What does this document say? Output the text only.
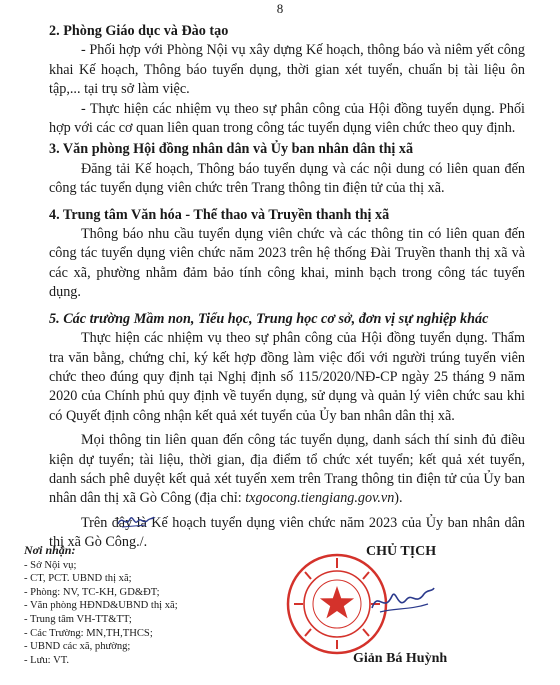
8
2. Phòng Giáo dục và Đào tạo

- Phối hợp với Phòng Nội vụ xây dựng Kế hoạch, thông báo và niêm yết công khai Kế hoạch, Thông báo tuyển dụng, thời gian xét tuyển, chuẩn bị tài liệu ôn tập,... tại trụ sở làm việc.

- Thực hiện các nhiệm vụ theo sự phân công của Hội đồng tuyển dụng. Phối hợp với các cơ quan liên quan trong công tác tuyển dụng viên chức theo quy định.

3. Văn phòng Hội đồng nhân dân và Ủy ban nhân dân thị xã

Đăng tải Kế hoạch, Thông báo tuyển dụng và các nội dung có liên quan đến công tác tuyển dụng viên chức trên Trang thông tin điện tử của thị xã.

4. Trung tâm Văn hóa - Thể thao và Truyền thanh thị xã

Thông báo nhu cầu tuyển dụng viên chức và các thông tin có liên quan đến công tác tuyển dụng viên chức năm 2023 trên hệ thống Đài Truyền thanh thị xã và các xã, phường nhằm đảm bảo tính công khai, minh bạch trong công tác tuyển dụng.

5. Các trường Mầm non, Tiểu học, Trung học cơ sở, đơn vị sự nghiệp khác

Thực hiện các nhiệm vụ theo sự phân công của Hội đồng tuyển dụng. Thẩm tra văn bằng, chứng chỉ, ký kết hợp đồng làm việc đối với người trúng tuyển viên chức theo đúng quy định tại Nghị định số 115/2020/NĐ-CP ngày 25 tháng 9 năm 2020 của Chính phủ quy định về tuyển dụng, sử dụng và quản lý viên chức sau khi có Quyết định công nhận kết quả xét tuyển của Ủy ban nhân dân thị xã.

Mọi thông tin liên quan đến công tác tuyển dụng, danh sách thí sinh đủ điều kiện dự tuyển; tài liệu, thời gian, địa điểm tổ chức xét tuyển; kết quả xét tuyển, danh sách phê duyệt kết quả xét tuyển xem trên Trang thông tin điện tử của Ủy ban nhân dân thị xã Gò Công (địa chỉ: txgocong.tiengiang.gov.vn).

Trên đây là Kế hoạch tuyển dụng viên chức năm 2023 của Ủy ban nhân dân thị xã Gò Công./.

Nơi nhận:
- Sở Nội vụ;
- CT, PCT. UBND thị xã;
- Phòng: NV, TC-KH, GD&ĐT;
- Văn phòng HĐND&UBND thị xã;
- Trung tâm VH-TT&TT;
- Các Trường: MN,TH,THCS;
- UBND các xã, phường;
- Lưu: VT.
CHỦ TỊCH
Giản Bá Huỳnh
